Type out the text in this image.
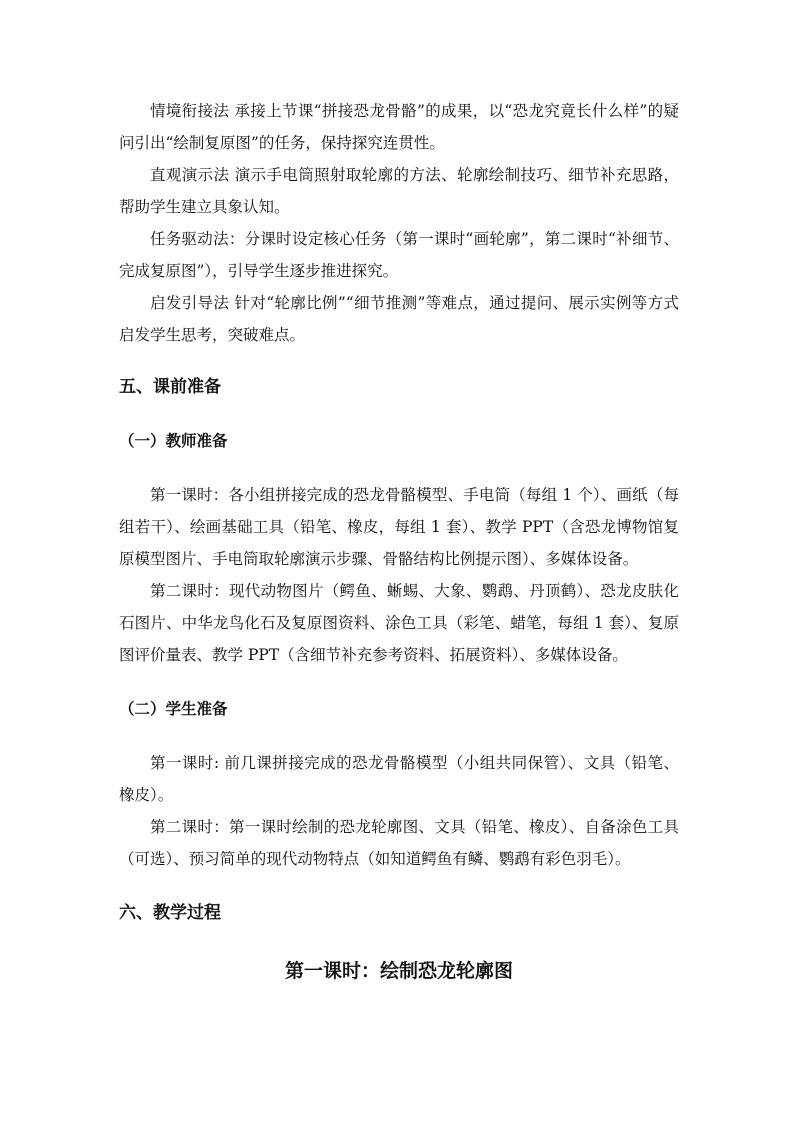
情境衔接法 承接上节课“拼接恐龙骨骼”的成果，以“恐龙究竟长什么样”的疑问引出“绘制复原图”的任务，保持探究连贯性。

直观演示法 演示手电筒照射取轮廓的方法、轮廓绘制技巧、细节补充思路，帮助学生建立具象认知。

任务驱动法：分课时设定核心任务（第一课时“画轮廓”，第二课时“补细节、完成复原图”），引导学生逐步推进探究。

启发引导法 针对“轮廓比例”“细节推测”等难点，通过提问、展示实例等方式启发学生思考，突破难点。

五、课前准备
（一）教师准备

第一课时：各小组拼接完成的恐龙骨骼模型、手电筒（每组 1 个）、画纸（每组若干）、绘画基础工具（铅笔、橡皮，每组 1 套）、教学 PPT（含恐龙博物馆复原模型图片、手电筒取轮廓演示步骤、骨骼结构比例提示图）、多媒体设备。

第二课时：现代动物图片（鳄鱼、蜥蜴、大象、鹦鹉、丹顶鹤）、恐龙皮肤化石图片、中华龙鸟化石及复原图资料、涂色工具（彩笔、蜡笔，每组 1 套）、复原图评价量表、教学 PPT（含细节补充参考资料、拓展资料）、多媒体设备。

（二）学生准备

第一课时: 前几课拼接完成的恐龙骨骼模型（小组共同保管）、文具（铅笔、橡皮）。

第二课时：第一课时绘制的恐龙轮廓图、文具（铅笔、橡皮）、自备涂色工具（可选）、预习简单的现代动物特点（如知道鳄鱼有鳞、鹦鹉有彩色羽毛）。

六、教学过程
第一课时：绘制恐龙轮廓图
